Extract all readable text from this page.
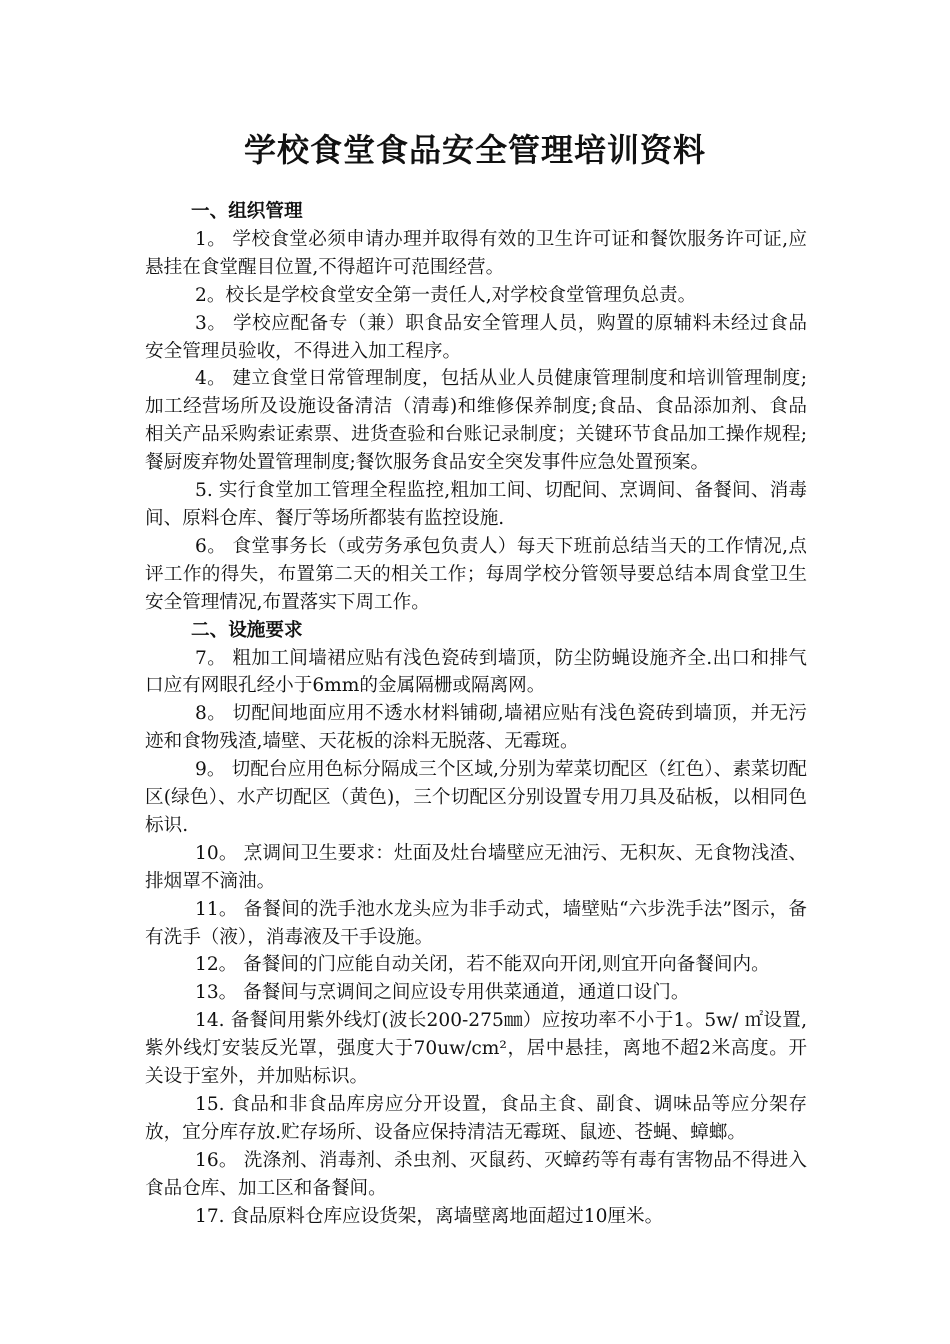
学校食堂食品安全管理培训资料

一、组织管理

1。 学校食堂必须申请办理并取得有效的卫生许可证和餐饮服务许可证,应悬挂在食堂醒目位置,不得超许可范围经营。

2。校长是学校食堂安全第一责任人,对学校食堂管理负总责。

3。 学校应配备专（兼）职食品安全管理人员，购置的原辅料未经过食品安全管理员验收，不得进入加工程序。

4。 建立食堂日常管理制度，包括从业人员健康管理制度和培训管理制度;加工经营场所及设施设备清洁（清毒)和维修保养制度;食品、食品添加剂、食品相关产品采购索证索票、进货查验和台账记录制度；关键环节食品加工操作规程;餐厨废弃物处置管理制度;餐饮服务食品安全突发事件应急处置预案。

5. 实行食堂加工管理全程监控,粗加工间、切配间、烹调间、备餐间、消毒间、原料仓库、餐厅等场所都装有监控设施.

6。 食堂事务长（或劳务承包负责人）每天下班前总结当天的工作情况,点评工作的得失，布置第二天的相关工作；每周学校分管领导要总结本周食堂卫生安全管理情况,布置落实下周工作。

二、设施要求

7。 粗加工间墙裙应贴有浅色瓷砖到墙顶，防尘防蝇设施齐全.出口和排气口应有网眼孔经小于6mm的金属隔栅或隔离网。

8。 切配间地面应用不透水材料铺砌,墙裙应贴有浅色瓷砖到墙顶，并无污迹和食物残渣,墙壁、天花板的涂料无脱落、无霉斑。

9。 切配台应用色标分隔成三个区域,分别为荤菜切配区（红色）、素菜切配区(绿色）、水产切配区（黄色)，三个切配区分别设置专用刀具及砧板，以相同色标识.

10。 烹调间卫生要求：灶面及灶台墙壁应无油污、无积灰、无食物浅渣、排烟罩不滴油。

11。 备餐间的洗手池水龙头应为非手动式，墙壁贴“六步洗手法”图示，备有洗手（液），消毒液及干手设施。

12。 备餐间的门应能自动关闭，若不能双向开闭,则宜开向备餐间内。

13。 备餐间与烹调间之间应设专用供菜通道，通道口设门。

14. 备餐间用紫外线灯(波长200-275㎜）应按功率不小于1。5w/ ㎡设置,紫外线灯安装反光罩，强度大于70uw/cm²，居中悬挂，离地不超2米高度。开关设于室外，并加贴标识。

15. 食品和非食品库房应分开设置，食品主食、副食、调味品等应分架存放，宜分库存放.贮存场所、设备应保持清洁无霉斑、鼠迹、苍蝇、蟑螂。

16。 洗涤剂、消毒剂、杀虫剂、灭鼠药、灭蟑药等有毒有害物品不得进入食品仓库、加工区和备餐间。

17. 食品原料仓库应设货架，离墙壁离地面超过10厘米。
